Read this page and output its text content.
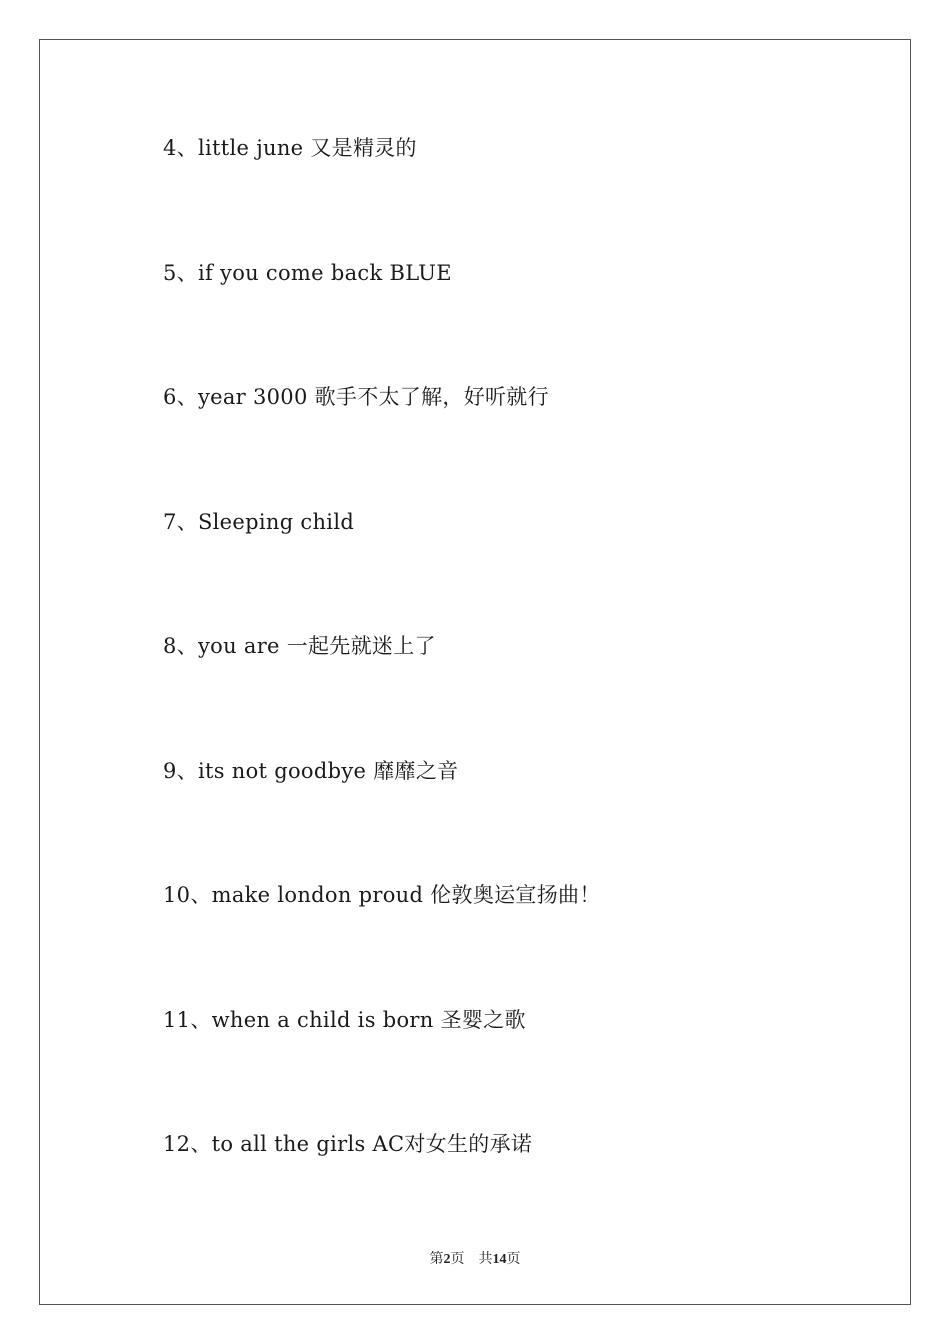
4、little june 又是精灵的
5、if you come back BLUE
6、year 3000 歌手不太了解，好听就行
7、Sleeping child
8、you are 一起先就迷上了
9、its not goodbye 靡靡之音
10、make london proud 伦敦奥运宣扬曲！
11、when a child is born 圣婴之歌
12、to all the girls AC对女生的承诺
第2页 共14页
